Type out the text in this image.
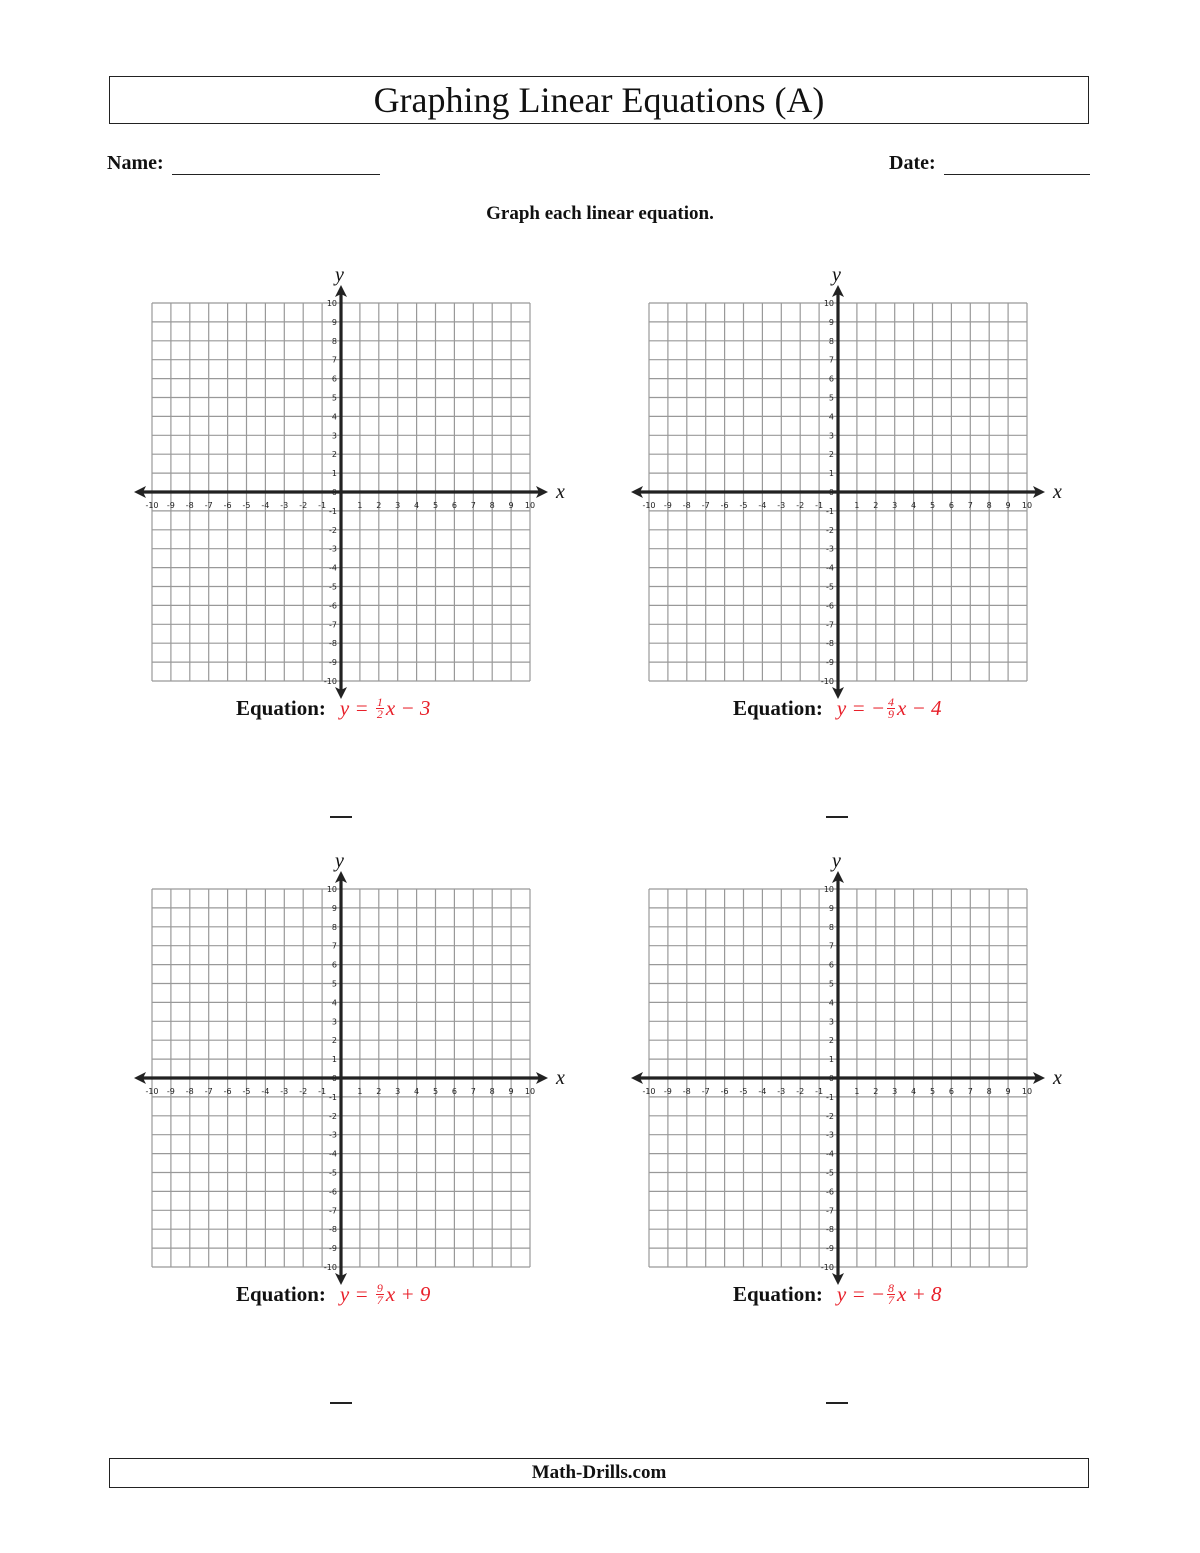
Graphing Linear Equations (A)
Name:	Date:
Graph each linear equation.
x
y
-10
-10
-9
-9
-8
-8
-7
-7
-6
-6
-5
-5
-4
-4
-3
-3
-2
-2
-1
-1
1
1
2
2
3
3
4
4
5
5
6
6
7
7
8
8
9
9
10
10
0	x
y
-10
-10
-9
-9
-8
-8
-7
-7
-6
-6
-5
-5
-4
-4
-3
-3
-2
-2
-1
-1
1
1
2
2
3
3
4
4
5
5
6
6
7
7
8
8
9
9
10
10
0
x
y
-10
-10
-9
-9
-8
-8
-7
-7
-6
-6
-5
-5
-4
-4
-3
-3
-2
-2
-1
-1
1
1
2
2
3
3
4
4
5
5
6
6
7
7
8
8
9
9
10
10
0	x
y
-10
-10
-9
-9
-8
-8
-7
-7
-6
-6
-5
-5
-4
-4
-3
-3
-2
-2
-1
-1
1
1
2
2
3
3
4
4
5
5
6
6
7
7
8
8
9
9
10
10
0
Equation: y =
$\frac{1}{2}$ x − 3	Equation: y =
− $\frac{4}{9}$ x − 4
Equation: y =
$\frac{9}{7}$ x + 9	Equation: y =
− $\frac{8}{7}$ x + 8
Math-Drills.com
